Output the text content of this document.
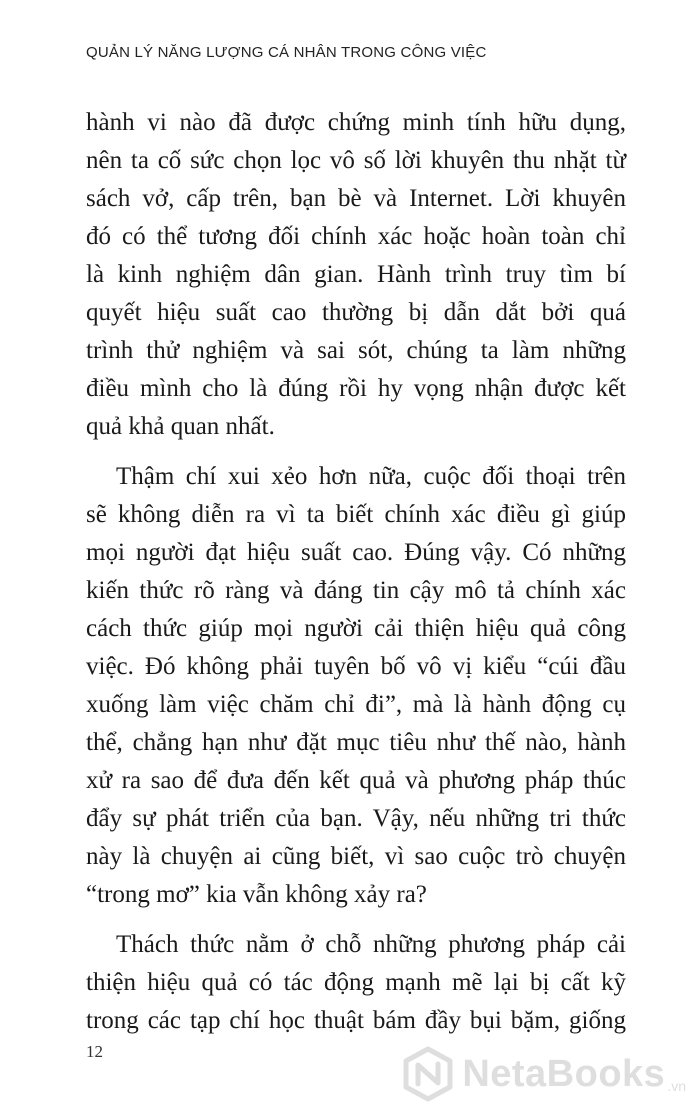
QUẢN LÝ NĂNG LƯỢNG CÁ NHÂN TRONG CÔNG VIỆC

hành vi nào đã được chứng minh tính hữu dụng,
nên ta cố sức chọn lọc vô số lời khuyên thu nhặt từ
sách vở, cấp trên, bạn bè và Internet. Lời khuyên
đó có thể tương đối chính xác hoặc hoàn toàn chỉ
là kinh nghiệm dân gian. Hành trình truy tìm bí
quyết hiệu suất cao thường bị dẫn dắt bởi quá
trình thử nghiệm và sai sót, chúng ta làm những
điều mình cho là đúng rồi hy vọng nhận được kết
quả khả quan nhất.

Thậm chí xui xẻo hơn nữa, cuộc đối thoại trên
sẽ không diễn ra vì ta biết chính xác điều gì giúp
mọi người đạt hiệu suất cao. Đúng vậy. Có những
kiến thức rõ ràng và đáng tin cậy mô tả chính xác
cách thức giúp mọi người cải thiện hiệu quả công
việc. Đó không phải tuyên bố vô vị kiểu “cúi đầu
xuống làm việc chăm chỉ đi”, mà là hành động cụ
thể, chẳng hạn như đặt mục tiêu như thế nào, hành
xử ra sao để đưa đến kết quả và phương pháp thúc
đẩy sự phát triển của bạn. Vậy, nếu những tri thức
này là chuyện ai cũng biết, vì sao cuộc trò chuyện
“trong mơ” kia vẫn không xảy ra?

Thách thức nằm ở chỗ những phương pháp cải
thiện hiệu quả có tác động mạnh mẽ lại bị cất kỹ
trong các tạp chí học thuật bám đầy bụi bặm, giống

12
NetaBooks .vn
